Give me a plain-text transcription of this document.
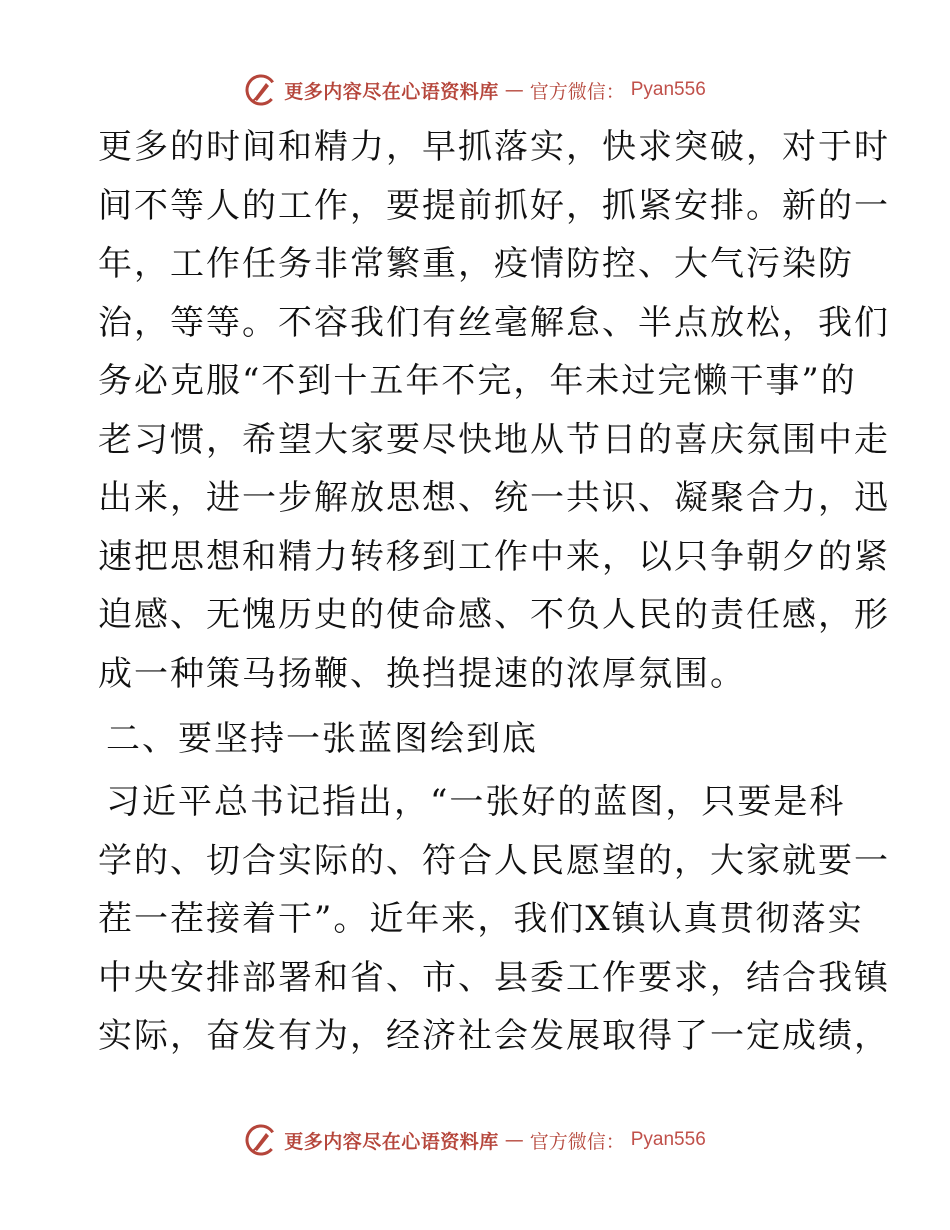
更多内容尽在心语资料库 — 官方微信： Pyan556
更多的时间和精力，早抓落实，快求突破，对于时
间不等人的工作，要提前抓好，抓紧安排。新的一
年，工作任务非常繁重，疫情防控、大气污染防
治，等等。不容我们有丝毫解怠、半点放松，我们
务必克服“不到十五年不完，年未过完懒干事”的
老习惯，希望大家要尽快地从节日的喜庆氛围中走
出来，进一步解放思想、统一共识、凝聚合力，迅
速把思想和精力转移到工作中来，以只争朝夕的紧
迫感、无愧历史的使命感、不负人民的责任感，形
成一种策马扬鞭、换挡提速的浓厚氛围。
二、要坚持一张蓝图绘到底
习近平总书记指出，“一张好的蓝图，只要是科
学的、切合实际的、符合人民愿望的，大家就要一
茬一茬接着干”。近年来，我们X镇认真贯彻落实
中央安排部署和省、市、县委工作要求，结合我镇
实际，奋发有为，经济社会发展取得了一定成绩，
更多内容尽在心语资料库 — 官方微信： Pyan556
